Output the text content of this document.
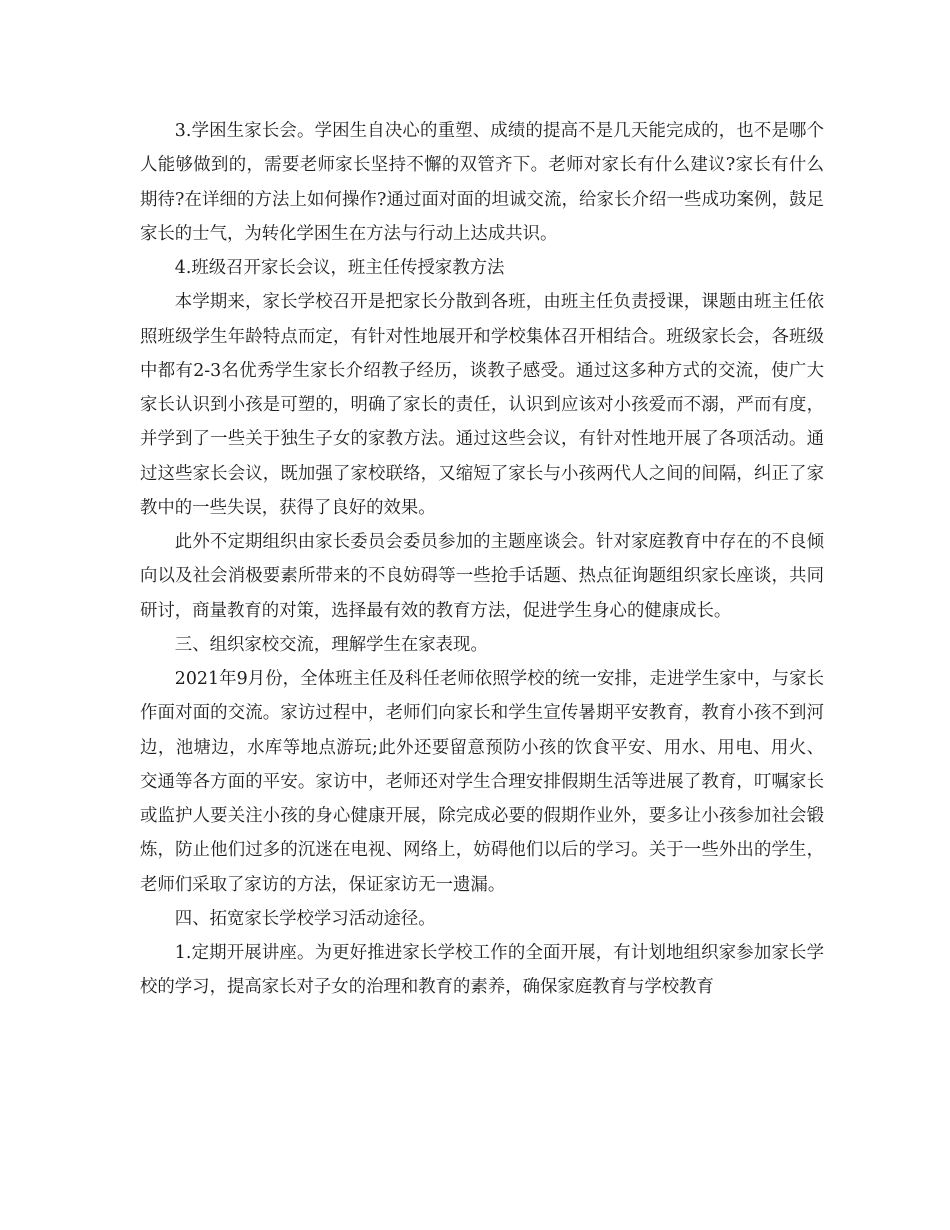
3.学困生家长会。学困生自决心的重塑、成绩的提高不是几天能完成的，也不是哪个人能够做到的，需要老师家长坚持不懈的双管齐下。老师对家长有什么建议?家长有什么期待?在详细的方法上如何操作?通过面对面的坦诚交流，给家长介绍一些成功案例，鼓足家长的士气，为转化学困生在方法与行动上达成共识。

4.班级召开家长会议，班主任传授家教方法

本学期来，家长学校召开是把家长分散到各班，由班主任负责授课，课题由班主任依照班级学生年龄特点而定，有针对性地展开和学校集体召开相结合。班级家长会，各班级中都有2-3名优秀学生家长介绍教子经历，谈教子感受。通过这多种方式的交流，使广大家长认识到小孩是可塑的，明确了家长的责任，认识到应该对小孩爱而不溺，严而有度，并学到了一些关于独生子女的家教方法。通过这些会议，有针对性地开展了各项活动。通过这些家长会议，既加强了家校联络，又缩短了家长与小孩两代人之间的间隔，纠正了家教中的一些失误，获得了良好的效果。

此外不定期组织由家长委员会委员参加的主题座谈会。针对家庭教育中存在的不良倾向以及社会消极要素所带来的不良妨碍等一些抢手话题、热点征询题组织家长座谈，共同研讨，商量教育的对策，选择最有效的教育方法，促进学生身心的健康成长。

三、组织家校交流，理解学生在家表现。

2021年9月份，全体班主任及科任老师依照学校的统一安排，走进学生家中，与家长作面对面的交流。家访过程中，老师们向家长和学生宣传暑期平安教育，教育小孩不到河边，池塘边，水库等地点游玩;此外还要留意预防小孩的饮食平安、用水、用电、用火、交通等各方面的平安。家访中，老师还对学生合理安排假期生活等进展了教育，叮嘱家长或监护人要关注小孩的身心健康开展，除完成必要的假期作业外，要多让小孩参加社会锻炼，防止他们过多的沉迷在电视、网络上，妨碍他们以后的学习。关于一些外出的学生，老师们采取了家访的方法，保证家访无一遗漏。

四、拓宽家长学校学习活动途径。

1.定期开展讲座。为更好推进家长学校工作的全面开展，有计划地组织家参加家长学校的学习，提高家长对子女的治理和教育的素养，确保家庭教育与学校教育
